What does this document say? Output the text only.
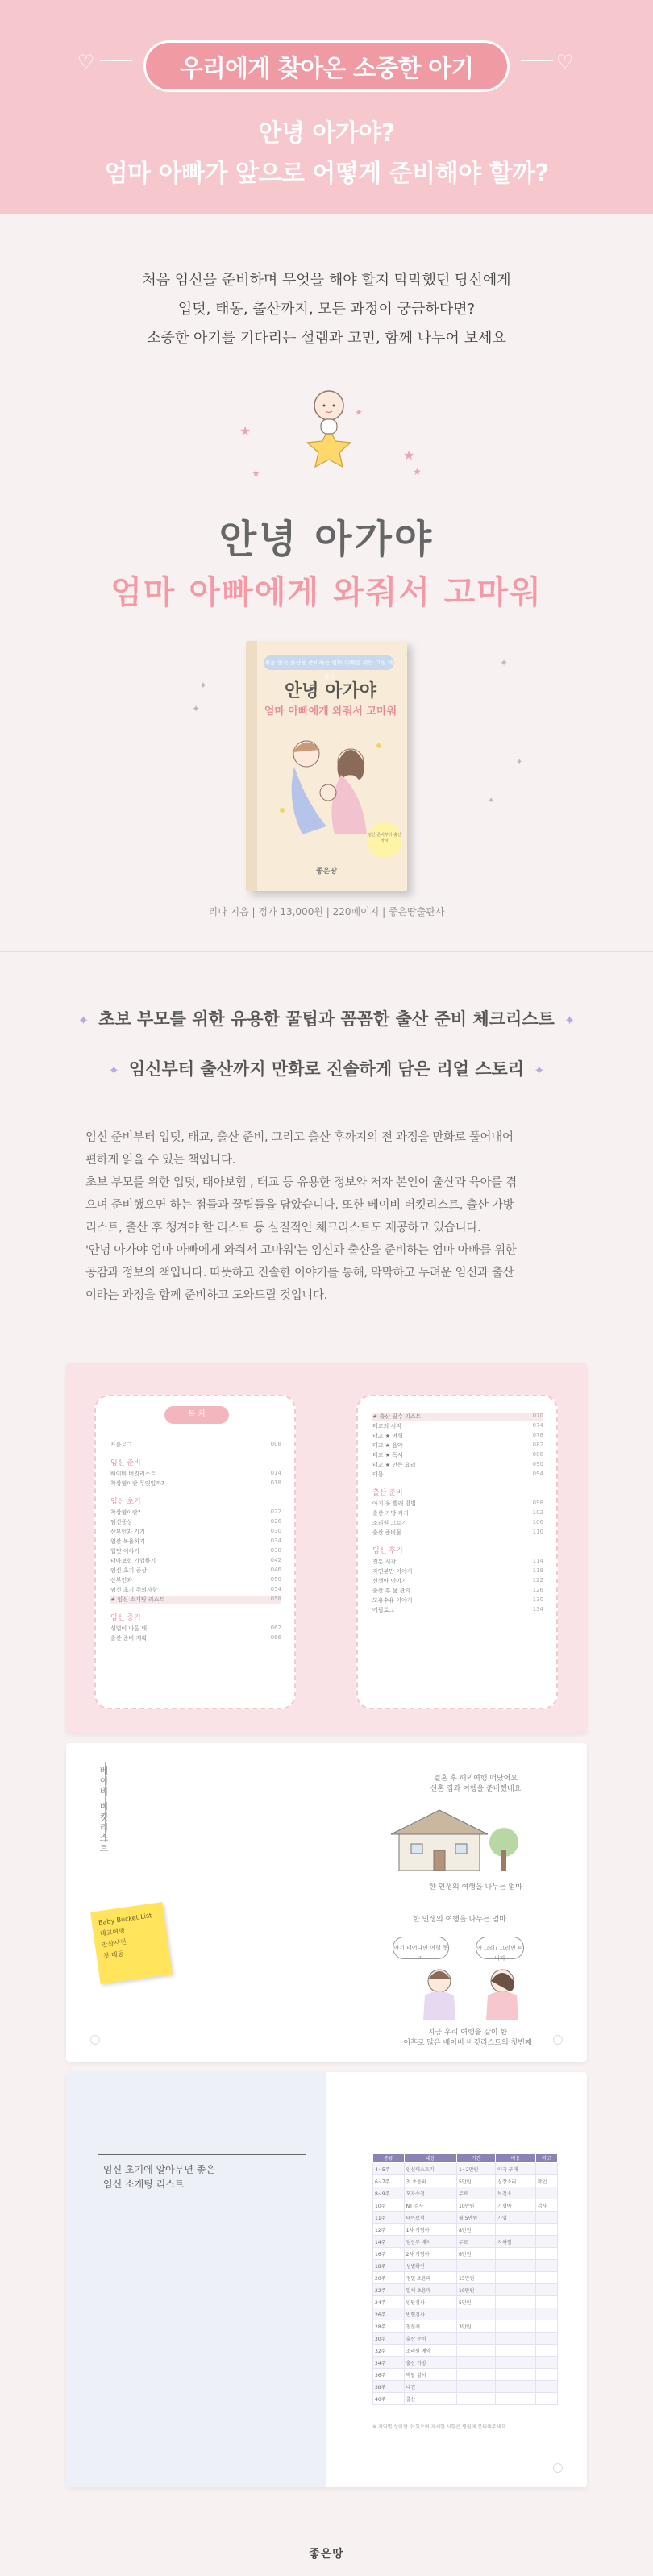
♡	우리에게 찾아온 소중한 아기	♡
안녕 아가야?
엄마 아빠가 앞으로 어떻게 준비해야 할까?
처음 임신을 준비하며 무엇을 해야 할지 막막했던 당신에게
입덧, 태동, 출산까지, 모든 과정이 궁금하다면?
소중한 아기를 기다리는 설렘과 고민, 함께 나누어 보세요
★
★
★
★
★
안녕 아가야
엄마 아빠에게 와줘서 고마워
✦
✦
✦
✦
✦
처음 임신·출산을 준비하는 엄마 아빠를 위한 그림 에세이
안녕 아가야
엄마 아빠에게 와줘서 고마워
임신 준비부터 출산까지
좋은땅
리나 지음 | 정가 13,000원 | 220페이지 | 좋은땅출판사
✦ 초보 부모를 위한 유용한 꿀팁과 꼼꼼한 출산 준비 체크리스트 ✦
✦ 임신부터 출산까지 만화로 진솔하게 담은 리얼 스토리 ✦
임신 준비부터 입덧, 태교, 출산 준비, 그리고 출산 후까지의 전 과정을 만화로 풀어내어
편하게 읽을 수 있는 책입니다.
초보 부모를 위한 입덧, 태아보험 , 태교 등 유용한 정보와 저자 본인이 출산과 육아를 겪
으며 준비했으면 하는 점들과 꿀팁들을 담았습니다. 또한 베이비 버킷리스트, 출산 가방
리스트, 출산 후 챙겨야 할 리스트 등 실질적인 체크리스트도 제공하고 있습니다.
'안녕 아가야 엄마 아빠에게 와줘서 고마워'는 임신과 출산을 준비하는 엄마 아빠를 위한
공감과 정보의 책입니다. 따뜻하고 진솔한 이야기를 통해, 막막하고 두려운 임신과 출산
이라는 과정을 함께 준비하고 도와드릴 것입니다.
목 차
프롤로그	008
임신 준비
베이비 버킷리스트	014
착상혈이란 무엇일까?	018
임신 초기
착상혈이란?	022
임신증상	026
산부인과 가기	030
엽산 복용하기	034
입덧 이야기	038
태아보험 가입하기	042
임신 초기 증상	046
산부인과	050
임신 초기 주의사항	054
★ 임신 소개팅 리스트	058
임신 중기
성별이 나올 때	062
출산 준비 계획	066
★ 출산 필수 리스트	070
태교의 시작	074
태교 ★ 여행	078
태교 ★ 음악	082
태교 ★ 독서	086
태교 ★ 만든 요리	090
태몽	094
출산 준비
아기 옷 빨래 방법	098
출산 가방 싸기	102
조리원 고르기	106
출산 준비물	110
임신 후기
진통 시작	114
자연분만 이야기	118
신생아 이야기	122
출산 후 몸 관리	126
모유수유 이야기	130
에필로그	134
베이비 버킷리스트
Baby Bucket List
태교여행
만삭사진
첫 태동
결혼 후 해외여행 떠났어요
신혼 집과 여행을 준비했네요
한 인생의 여행을 나누는 엄마
한 인생의 여행을 나누는 엄마
아기 태어나면 여행 못가
아 그래? 그러면 떠나자
지금 우리 여행을 같이 한
이후로 많은 베이비 버킷리스트의 첫번째
임신 초기에 알아두면 좋은
임신 소개팅 리스트
종류	내용	기간	비용	비고
4~5주	임신테스트기	1~2만원	약국 구매	
6~7주	첫 초음파	5만원	심장소리	확인
8~9주	모자수첩	무료	보건소	
10주	NT 검사	10만원	기형아	검사
11주	태아보험	월 5만원	가입	
12주	1차 기형아	8만원		
14주	임산부 배지	무료	지하철	
16주	2차 기형아	6만원		
18주	성별확인			
20주	정밀 초음파	15만원		
22주	입체 초음파	10만원		
24주	임당검사	5만원		
26주	빈혈검사			
28주	철분제	3만원		
30주	출산 준비			
32주	조리원 예약			
34주	출산 가방			
36주	막달 검사			
38주	내진			
40주	출산			
※ 지역별 상이할 수 있으며 자세한 사항은 병원에 문의해주세요
좋은땅
